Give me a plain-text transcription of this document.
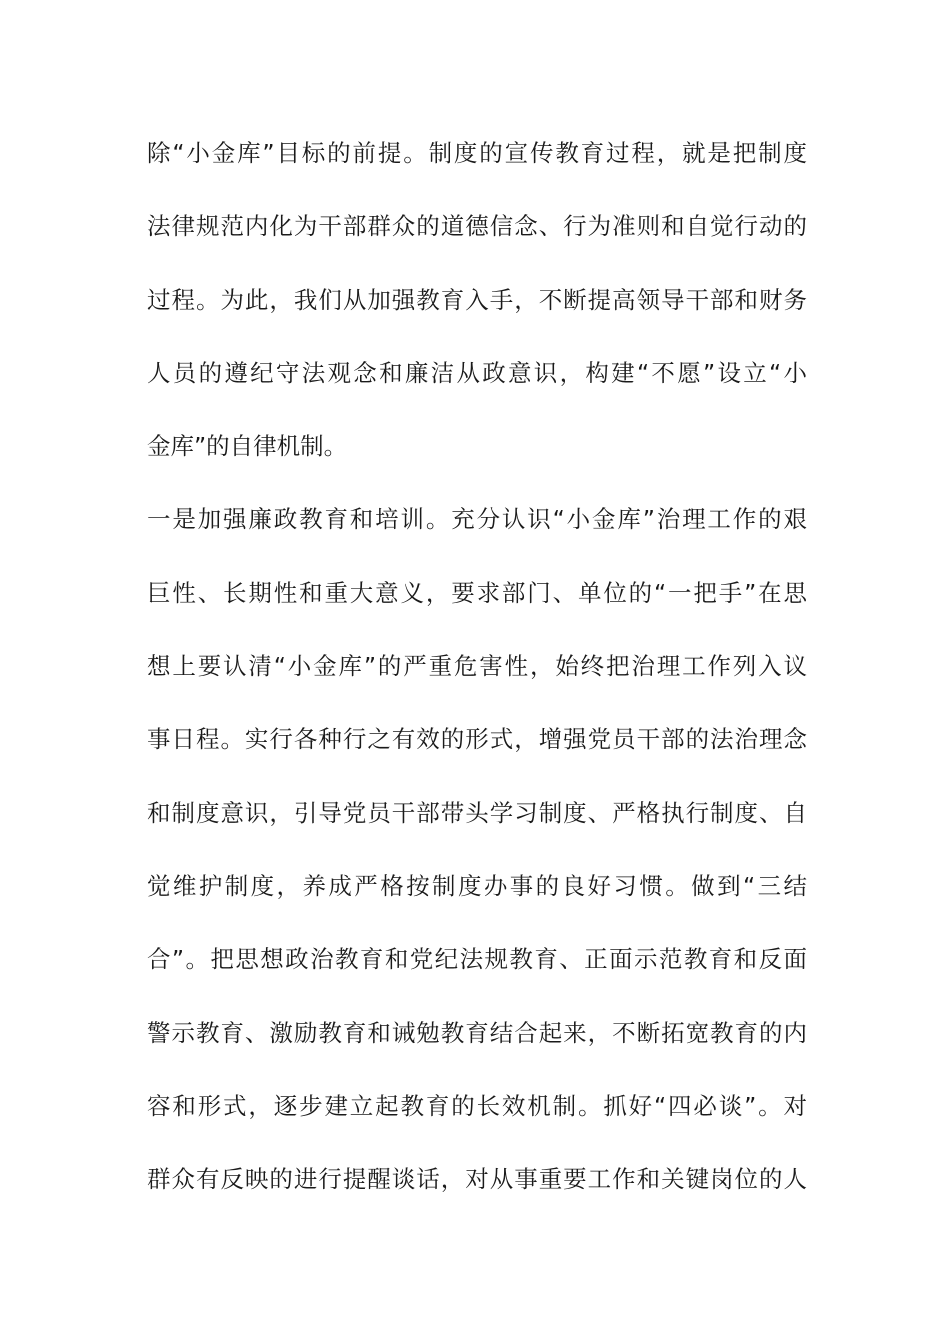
除“小金库”目标的前提。制度的宣传教育过程，就是把制度
法律规范内化为干部群众的道德信念、行为准则和自觉行动的
过程。为此，我们从加强教育入手，不断提高领导干部和财务
人员的遵纪守法观念和廉洁从政意识，构建“不愿”设立“小
金库”的自律机制。
一是加强廉政教育和培训。充分认识“小金库”治理工作的艰
巨性、长期性和重大意义，要求部门、单位的“一把手”在思
想上要认清“小金库”的严重危害性，始终把治理工作列入议
事日程。实行各种行之有效的形式，增强党员干部的法治理念
和制度意识，引导党员干部带头学习制度、严格执行制度、自
觉维护制度，养成严格按制度办事的良好习惯。做到“三结
合”。把思想政治教育和党纪法规教育、正面示范教育和反面
警示教育、激励教育和诫勉教育结合起来，不断拓宽教育的内
容和形式，逐步建立起教育的长效机制。抓好“四必谈”。对
群众有反映的进行提醒谈话，对从事重要工作和关键岗位的人
